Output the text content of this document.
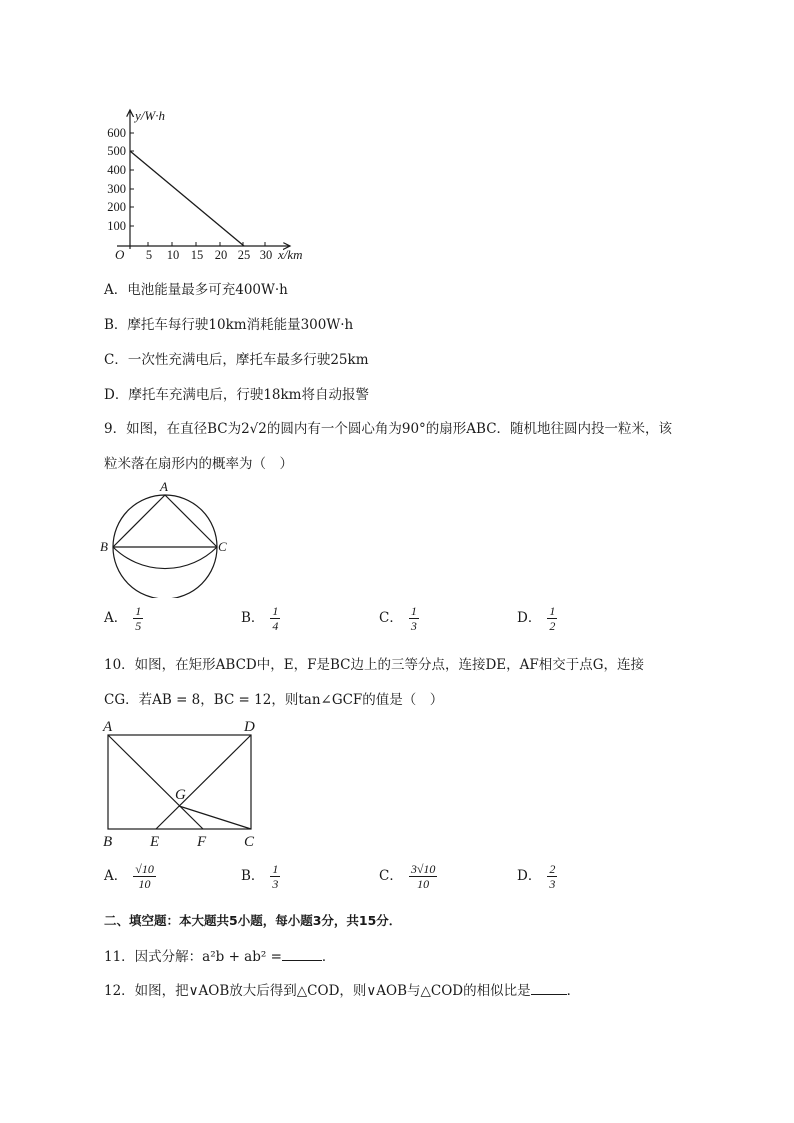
y/W·h
600
500
400
300
200
100
O 5 10 15 20 25 30 x/km
A．电池能量最多可充400W·h
B．摩托车每行驶10km消耗能量300W·h
C．一次性充满电后，摩托车最多行驶25km
D．摩托车充满电后，行驶18km将自动报警
9．如图，在直径BC为2√2的圆内有一个圆心角为90°的扇形ABC．随机地往圆内投一粒米，该
粒米落在扇形内的概率为（　）
A
B	C
A． $\frac{1}{5}$	B． $\frac{1}{4}$	C． $\frac{1}{3}$	D． $\frac{1}{2}$
10．如图，在矩形ABCD中，E，F是BC边上的三等分点，连接DE，AF相交于点G，连接
CG．若AB = 8，BC = 12，则tan∠GCF的值是（　）
A	D
G
B	E	F	C
A． $\frac{√10}{10}$	B． $\frac{1}{3}$	C． $\frac{3√10}{10}$	D． $\frac{2}{3}$
二、填空题：本大题共5小题，每小题3分，共15分．
11．因式分解：a²b + ab² =	．
12．如图，把∨AOB放大后得到△COD，则∨AOB与△COD的相似比是	．
